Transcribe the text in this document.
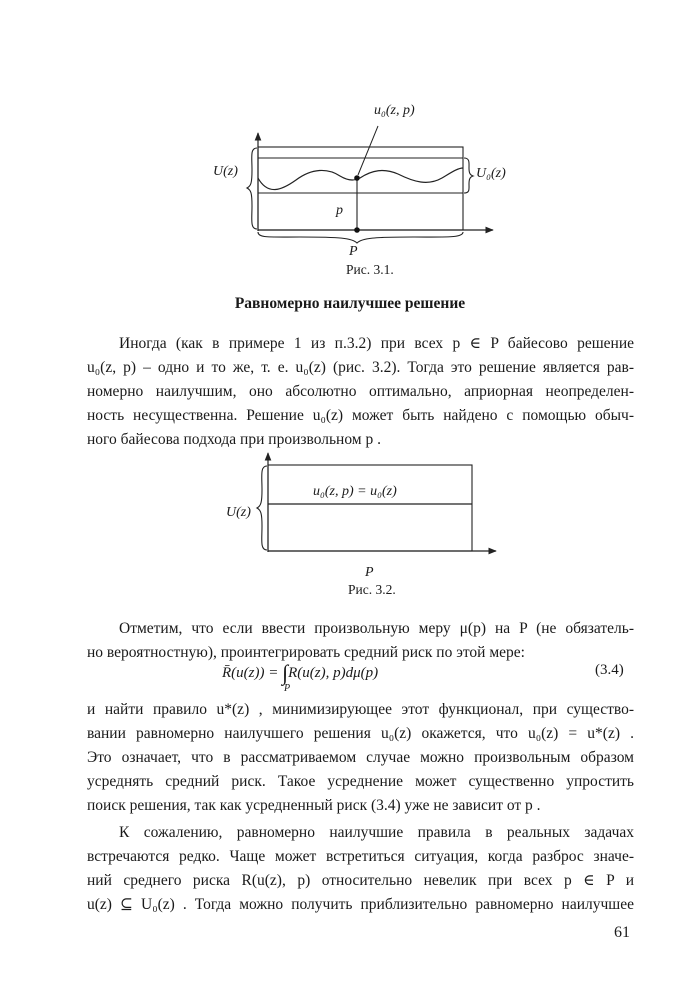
u₀(z, p)
U(z)	U₀(z)
p
P
Рис. 3.1.
Равномерно наилучшее решение
Иногда (как в примере 1 из п.3.2) при всех p ∈ P байесово решение
u₀(z, p) – одно и то же, т. е. u₀(z) (рис. 3.2). Тогда это решение является рав-
номерно наилучшим, оно абсолютно оптимально, априорная неопределен-
ность несущественна. Решение u₀(z) может быть найдено с помощью обыч-
ного байесова подхода при произвольном p .
u₀(z, p) = u₀(z)
U(z)
P
Рис. 3.2.
Отметим, что если ввести произвольную меру μ(p) на P (не обязатель-
но вероятностную), проинтегрировать средний риск по этой мере:
R̄(u(z)) = ∫R(u(z), p)dμ(p)
P
(3.4)
и найти правило u*(z) , минимизирующее этот функционал, при существо-
вании равномерно наилучшего решения u₀(z) окажется, что u₀(z) = u*(z) .
Это означает, что в рассматриваемом случае можно произвольным образом
усреднять средний риск. Такое усреднение может существенно упростить
поиск решения, так как усредненный риск (3.4) уже не зависит от p .
К сожалению, равномерно наилучшие правила в реальных задачах
встречаются редко. Чаще может встретиться ситуация, когда разброс значе-
ний среднего риска R(u(z), p) относительно невелик при всех p ∈ P и
u(z) ⊆ U₀(z) . Тогда можно получить приблизительно равномерно наилучшее
61
